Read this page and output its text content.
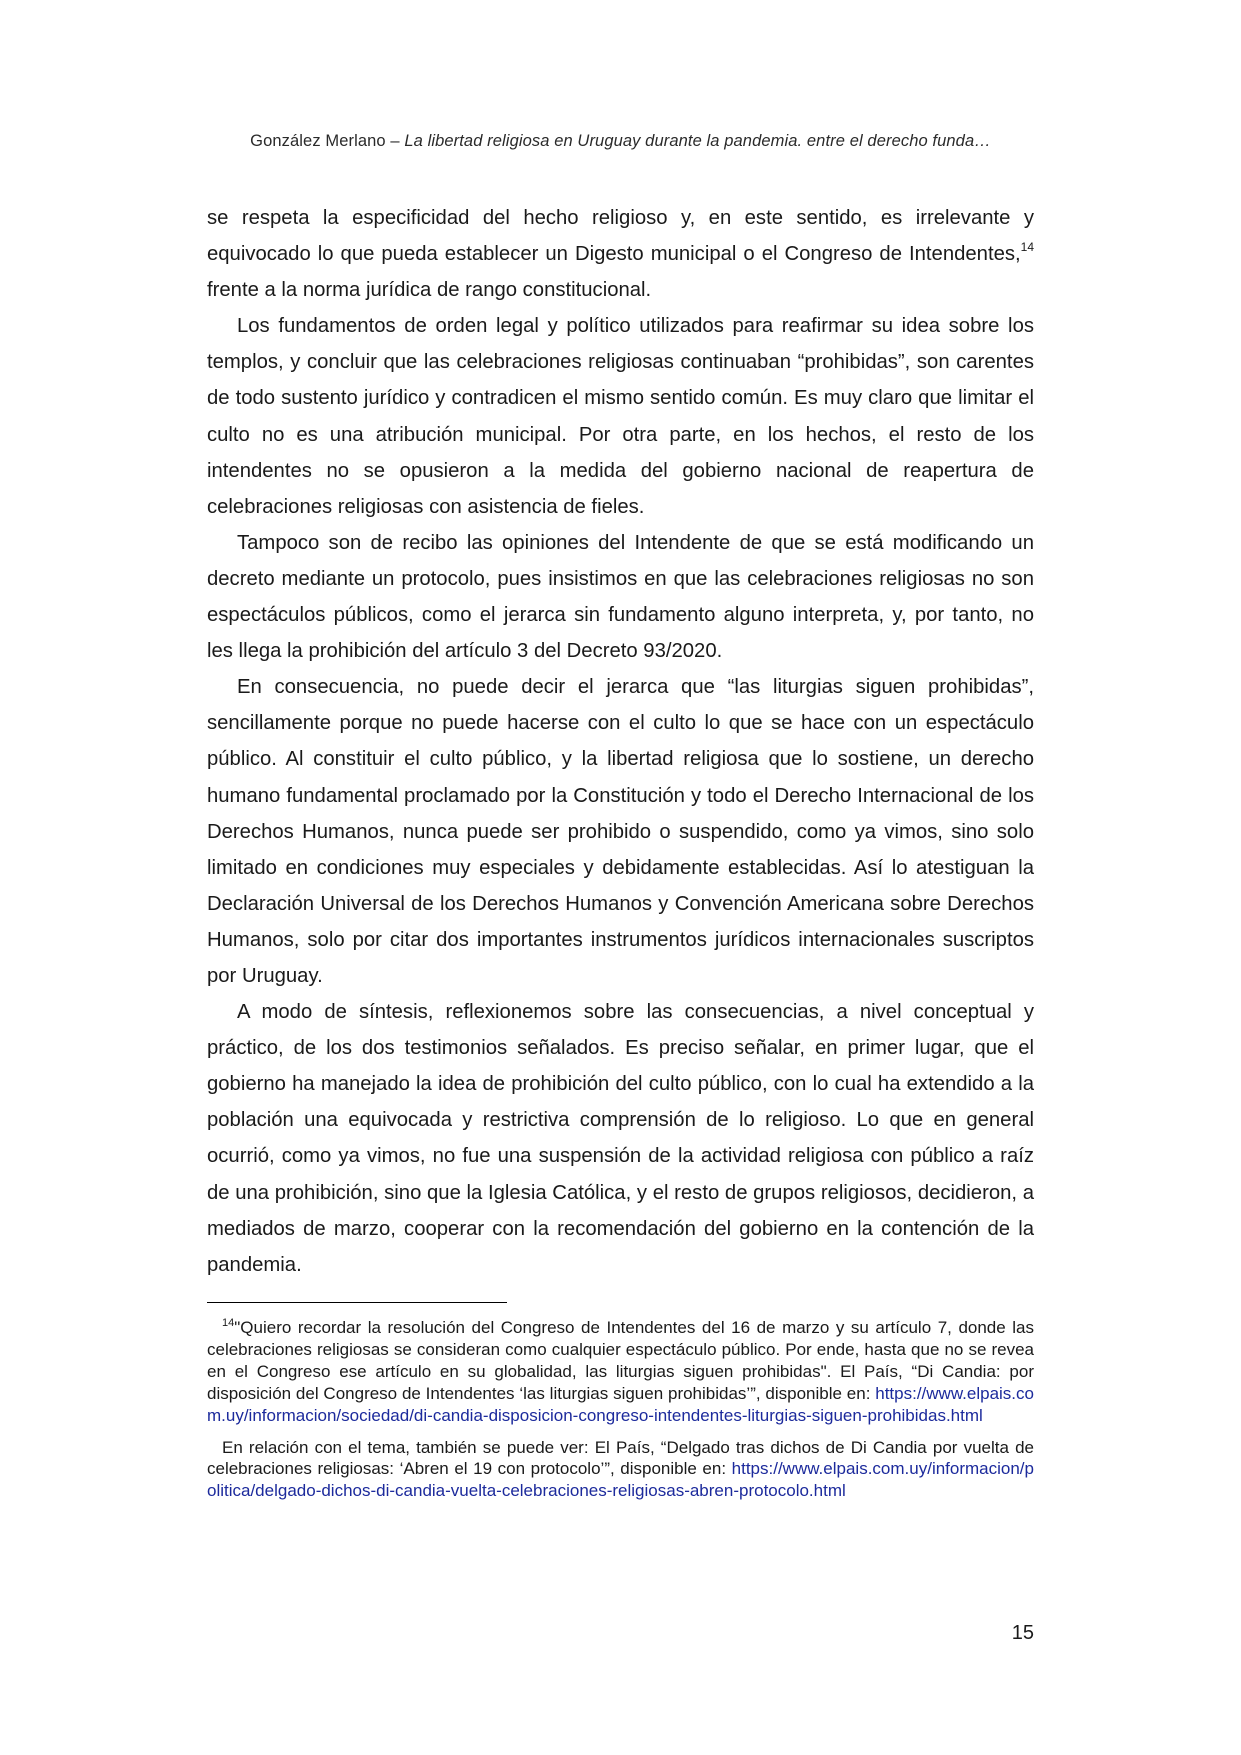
González Merlano – La libertad religiosa en Uruguay durante la pandemia. entre el derecho funda…

se respeta la especificidad del hecho religioso y, en este sentido, es irrelevante y equivocado lo que pueda establecer un Digesto municipal o el Congreso de Intendentes,$^{14}$ frente a la norma jurídica de rango constitucional.

Los fundamentos de orden legal y político utilizados para reafirmar su idea sobre los templos, y concluir que las celebraciones religiosas continuaban “prohibidas”, son carentes de todo sustento jurídico y contradicen el mismo sentido común. Es muy claro que limitar el culto no es una atribución municipal. Por otra parte, en los hechos, el resto de los intendentes no se opusieron a la medida del gobierno nacional de reapertura de celebraciones religiosas con asistencia de fieles.

Tampoco son de recibo las opiniones del Intendente de que se está modificando un decreto mediante un protocolo, pues insistimos en que las celebraciones religiosas no son espectáculos públicos, como el jerarca sin fundamento alguno interpreta, y, por tanto, no les llega la prohibición del artículo 3 del Decreto 93/2020.

En consecuencia, no puede decir el jerarca que “las liturgias siguen prohibidas”, sencillamente porque no puede hacerse con el culto lo que se hace con un espectáculo público. Al constituir el culto público, y la libertad religiosa que lo sostiene, un derecho humano fundamental proclamado por la Constitución y todo el Derecho Internacional de los Derechos Humanos, nunca puede ser prohibido o suspendido, como ya vimos, sino solo limitado en condiciones muy especiales y debidamente establecidas. Así lo atestiguan la Declaración Universal de los Derechos Humanos y Convención Americana sobre Derechos Humanos, solo por citar dos importantes instrumentos jurídicos internacionales suscriptos por Uruguay.

A modo de síntesis, reflexionemos sobre las consecuencias, a nivel conceptual y práctico, de los dos testimonios señalados. Es preciso señalar, en primer lugar, que el gobierno ha manejado la idea de prohibición del culto público, con lo cual ha extendido a la población una equivocada y restrictiva comprensión de lo religioso. Lo que en general ocurrió, como ya vimos, no fue una suspensión de la actividad religiosa con público a raíz de una prohibición, sino que la Iglesia Católica, y el resto de grupos religiosos, decidieron, a mediados de marzo, cooperar con la recomendación del gobierno en la contención de la pandemia.

$^{14}$"Quiero recordar la resolución del Congreso de Intendentes del 16 de marzo y su artículo 7, donde las celebraciones religiosas se consideran como cualquier espectáculo público. Por ende, hasta que no se revea en el Congreso ese artículo en su globalidad, las liturgias siguen prohibidas". El País, “Di Candia: por disposición del Congreso de Intendentes ‘las liturgias siguen prohibidas’”, disponible en: https://www.elpais.com.uy/informacion/sociedad/di-candia-disposicion-congreso-intendentes-liturgias-siguen-prohibidas.html

En relación con el tema, también se puede ver: El País, “Delgado tras dichos de Di Candia por vuelta de celebraciones religiosas: ‘Abren el 19 con protocolo’”, disponible en: https://www.elpais.com.uy/informacion/politica/delgado-dichos-di-candia-vuelta-celebraciones-religiosas-abren-protocolo.html

15
